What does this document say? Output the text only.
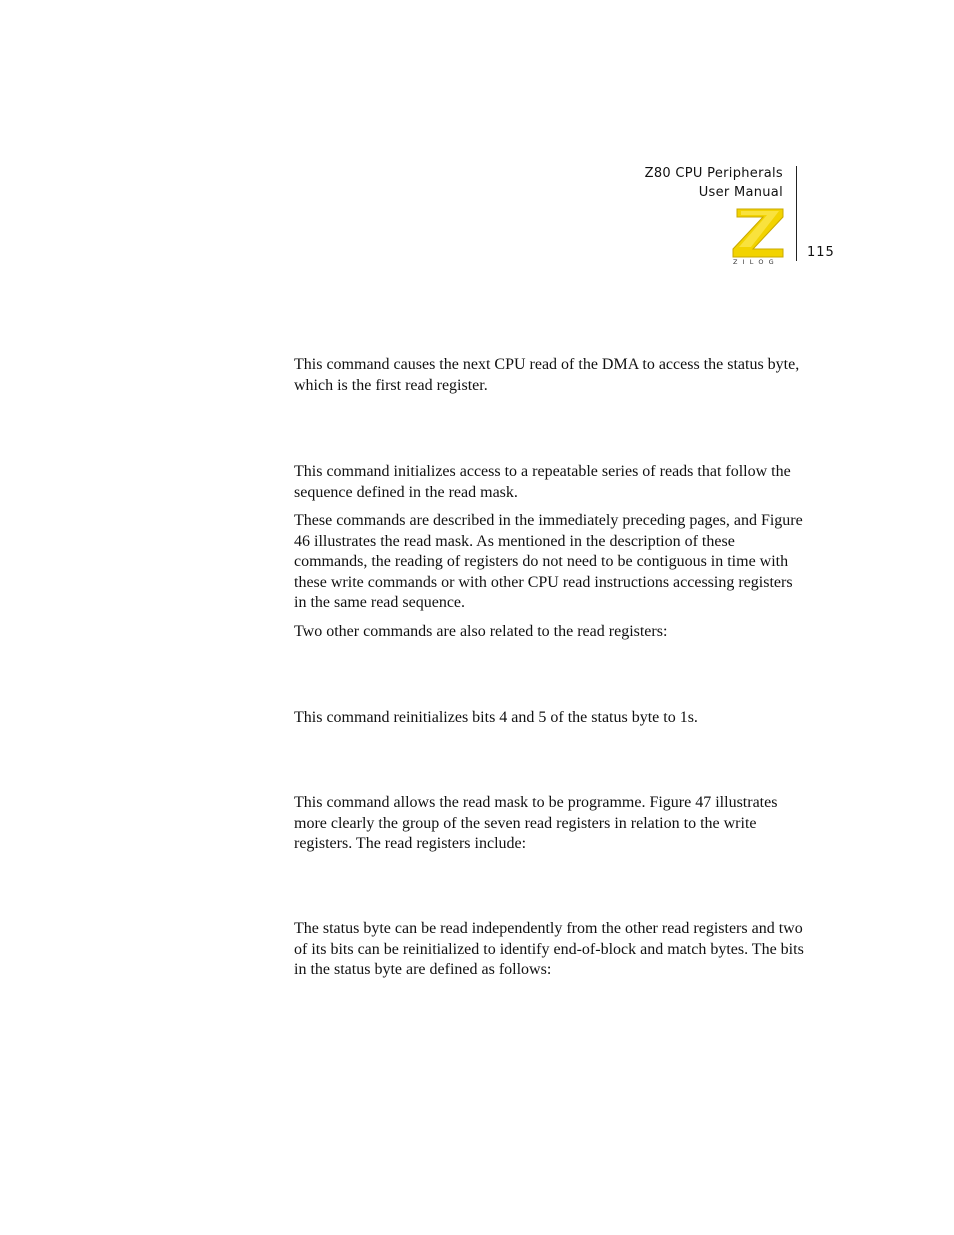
Z80 CPU Peripherals
User Manual
ZILOG
115

This command causes the next CPU read of the DMA to access the status byte, which is the first read register.

This command initializes access to a repeatable series of reads that follow the sequence defined in the read mask.

These commands are described in the immediately preceding pages, and Figure 46 illustrates the read mask. As mentioned in the description of these commands, the reading of registers do not need to be contiguous in time with these write commands or with other CPU read instructions accessing registers in the same read sequence.

Two other commands are also related to the read registers:

This command reinitializes bits 4 and 5 of the status byte to 1s.

This command allows the read mask to be programme. Figure 47 illustrates more clearly the group of the seven read registers in relation to the write registers. The read registers include:

The status byte can be read independently from the other read registers and two of its bits can be reinitialized to identify end-of-block and match bytes. The bits in the status byte are defined as follows:
